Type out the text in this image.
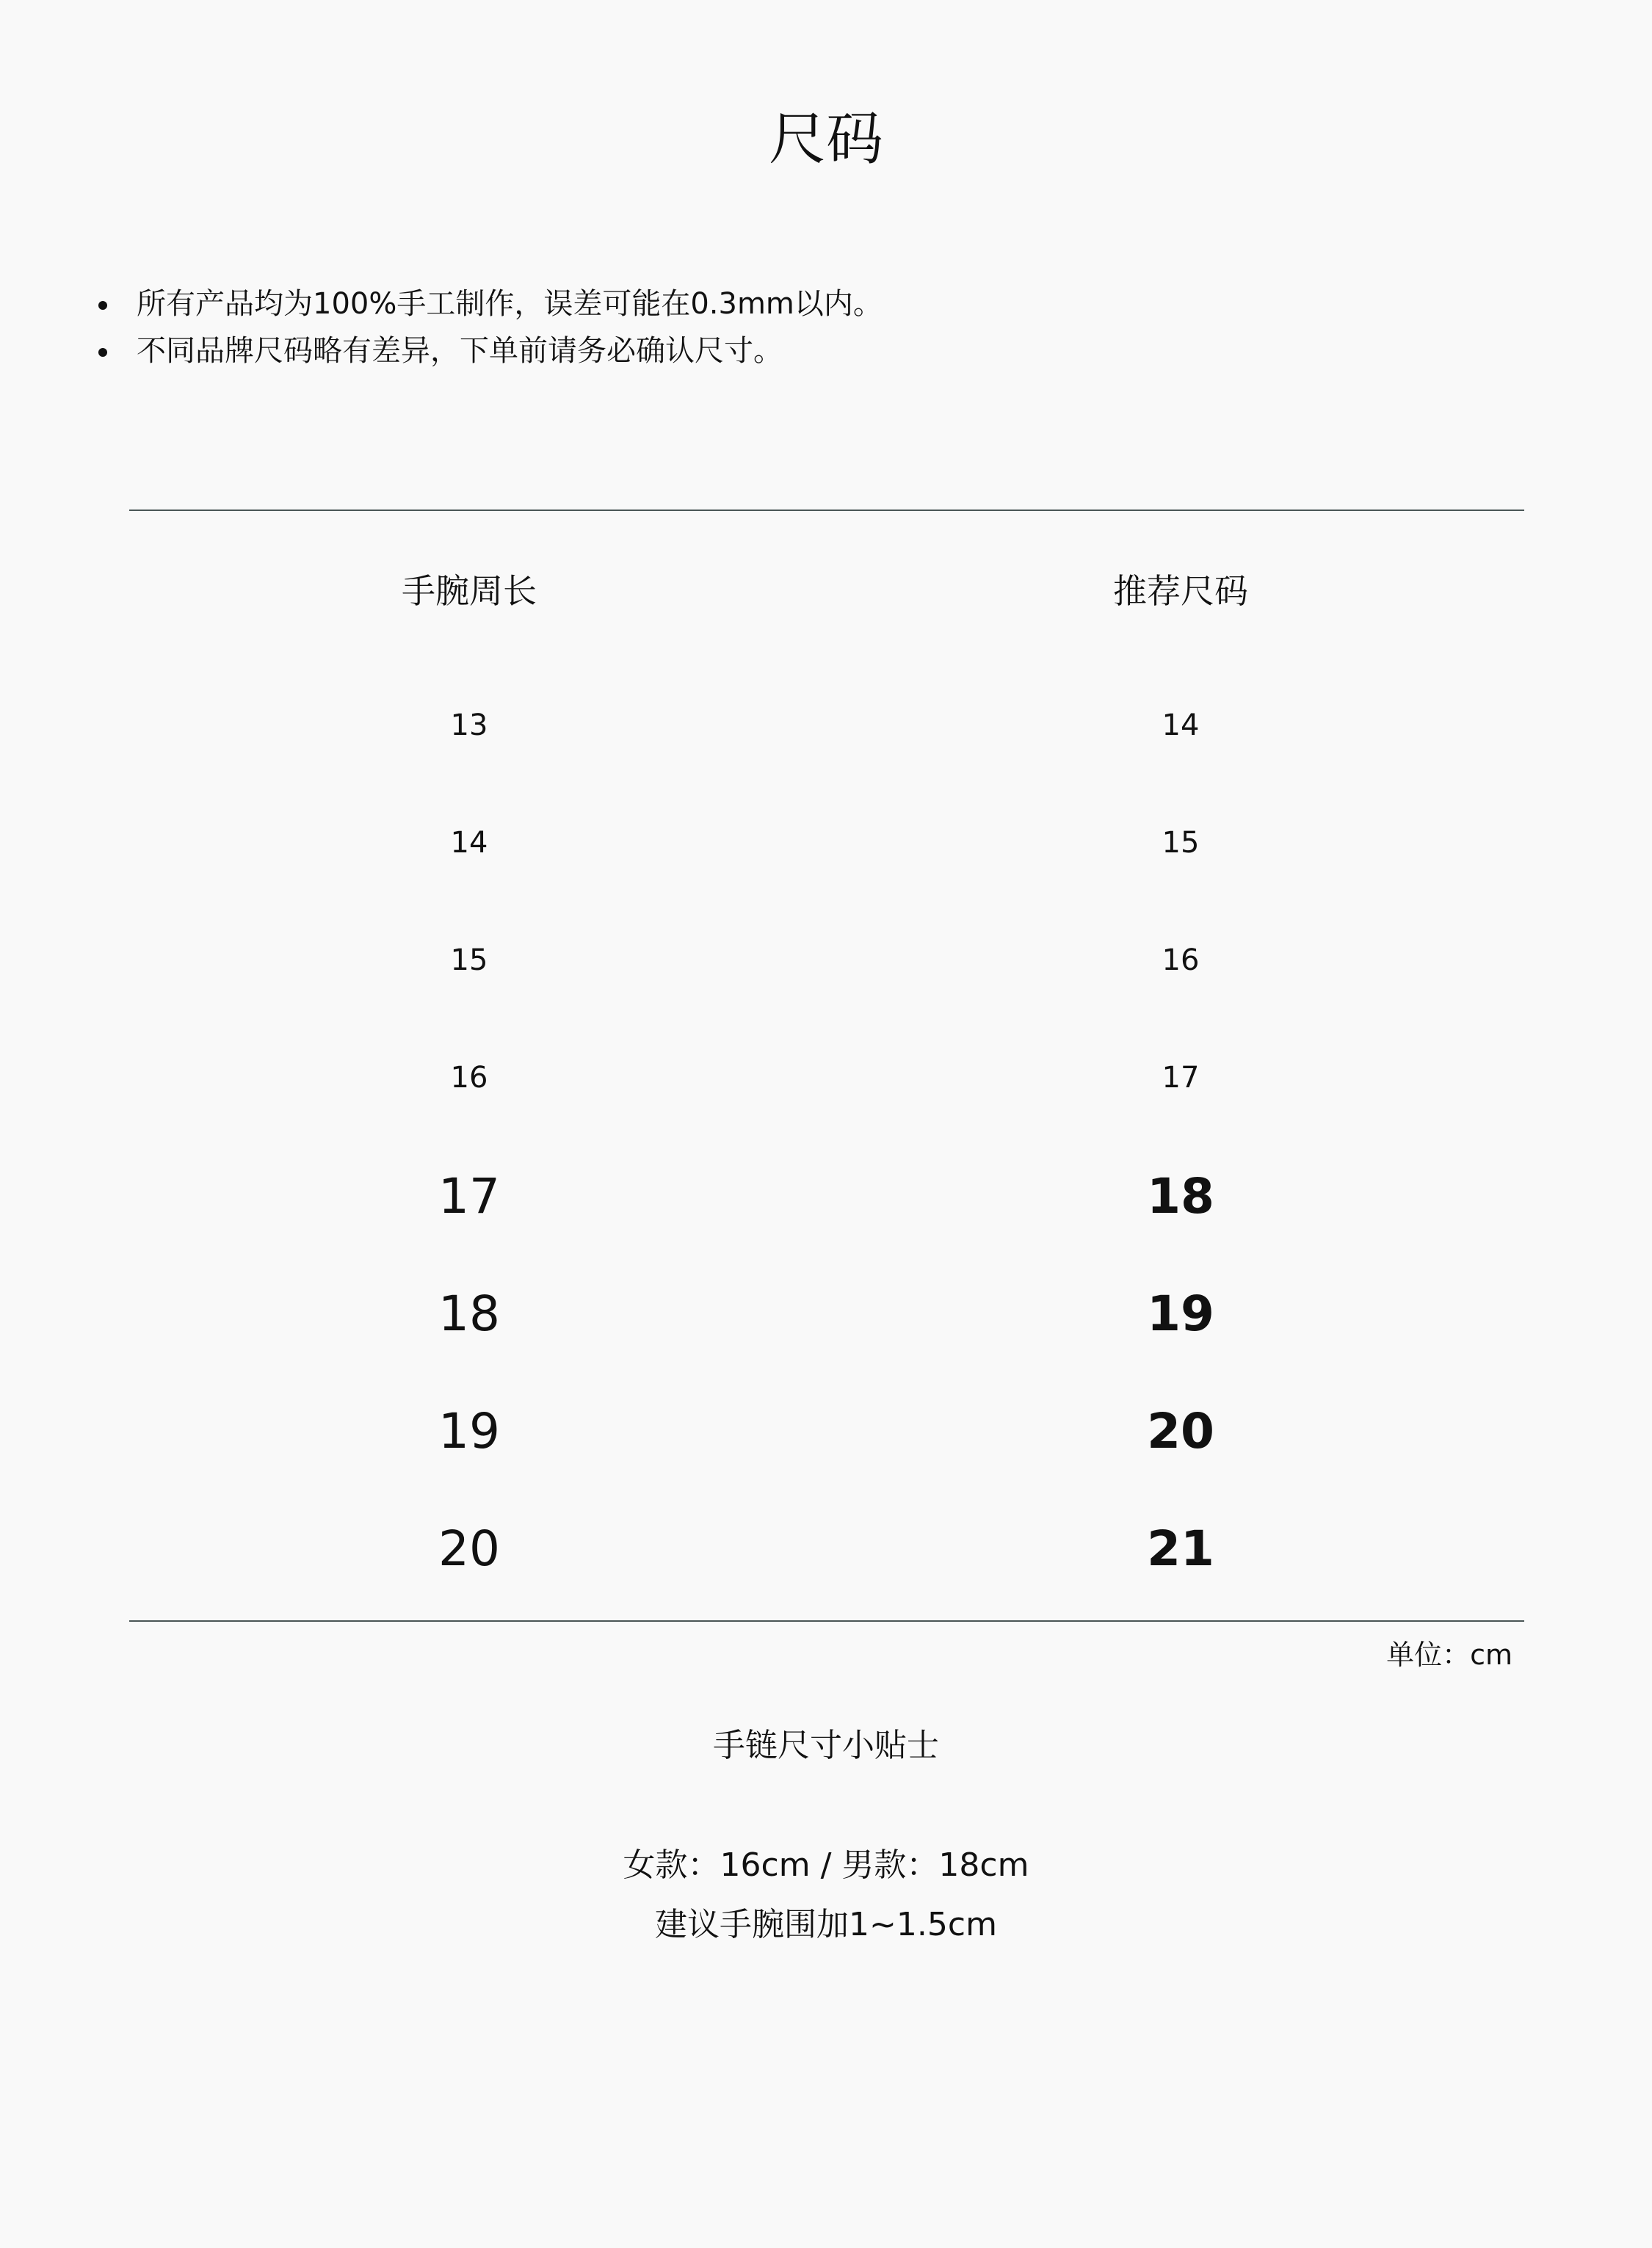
尺码
所有产品均为100%手工制作，误差可能在0.3mm以内。
不同品牌尺码略有差异，下单前请务必确认尺寸。
手腕周长	推荐尺码
13	14
14	15
15	16
16	17
17	18
18	19
19	20
20	21
单位：cm
手链尺寸小贴士
女款：16cm / 男款：18cm
建议手腕围加1~1.5cm
